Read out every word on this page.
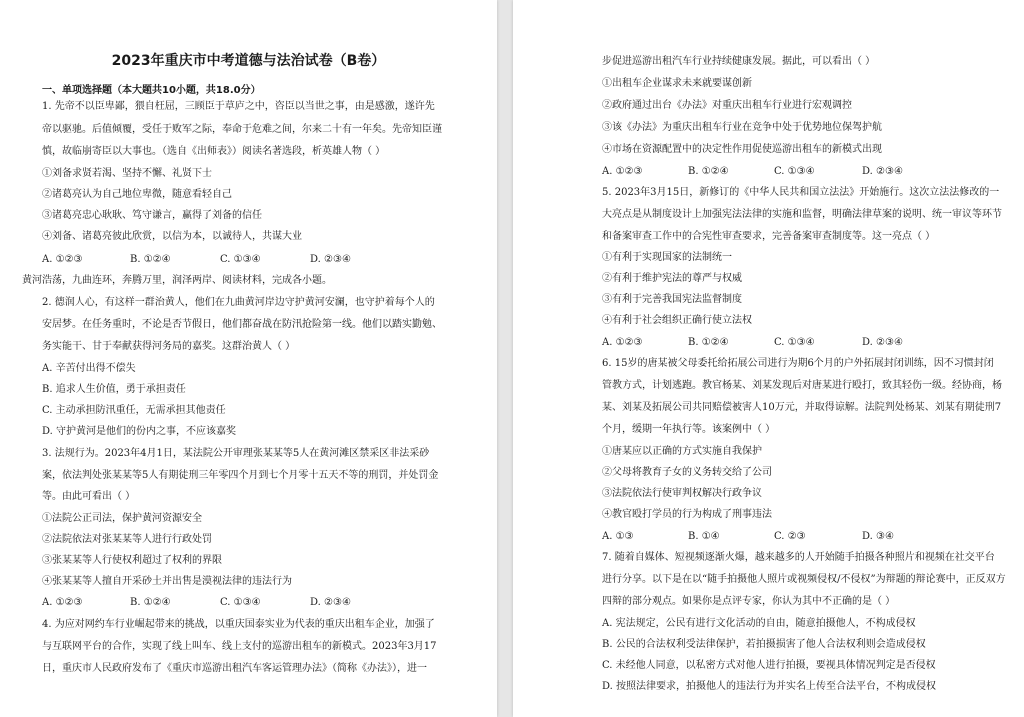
2023年重庆市中考道德与法治试卷（B卷）
一、单项选择题（本大题共10小题，共18.0分）
1. 先帝不以臣卑鄙，猥自枉屈，三顾臣于草庐之中，咨臣以当世之事，由是感激，遂许先
帝以驱驰。后值倾覆，受任于败军之际，奉命于危难之间，尔来二十有一年矣。先帝知臣谨
慎，故临崩寄臣以大事也。（选自《出师表》）阅读名著选段，析英雄人物（ ）
①刘备求贤若渴、坚持不懈、礼贤下士
②诸葛亮认为自己地位卑微，随意看轻自己
③诸葛亮忠心耿耿、笃守谦言，赢得了刘备的信任
④刘备、诸葛亮彼此欣赏，以信为本，以诚待人，共谋大业
A. ①②③	B. ①②④	C. ①③④	D. ②③④
黄河浩荡，九曲连环，奔腾万里，润泽两岸、阅读材料，完成各小题。
2. 德润人心，有这样一群治黄人，他们在九曲黄河岸边守护黄河安澜，也守护着每个人的
安居梦。在任务重时，不论是否节假日，他们都奋战在防汛抢险第一线。他们以踏实勤勉、
务实能干、甘于奉献获得河务局的嘉奖。这群治黄人（ ）
A. 辛苦付出得不偿失
B. 追求人生价值，勇于承担责任
C. 主动承担防汛重任，无需承担其他责任
D. 守护黄河是他们的份内之事，不应该嘉奖
3. 法规行为。2023年4月1日，某法院公开审理张某某等5人在黄河滩区禁采区非法采砂
案，依法判处张某某等5人有期徒刑三年零四个月到七个月零十五天不等的刑罚，并处罚金
等。由此可看出（ ）
①法院公正司法，保护黄河资源安全
②法院依法对张某某等人进行行政处罚
③张某某等人行使权利超过了权利的界限
④张某某等人擅自开采砂土并出售是漠视法律的违法行为
A. ①②③	B. ①②④	C. ①③④	D. ②③④
4. 为应对网约车行业崛起带来的挑战，以重庆国泰实业为代表的重庆出租车企业，加强了
与互联网平台的合作，实现了线上叫车、线上支付的巡游出租车的新模式。2023年3月17
日，重庆市人民政府发布了《重庆市巡游出租汽车客运管理办法》（简称《办法》），进一
步促进巡游出租汽车行业持续健康发展。据此，可以看出（ ）
①出租车企业谋求未来就要谋创新
②政府通过出台《办法》对重庆出租车行业进行宏观调控
③该《办法》为重庆出租车行业在竞争中处于优势地位保驾护航
④市场在资源配置中的决定性作用促使巡游出租车的新模式出现
A. ①②③	B. ①②④	C. ①③④	D. ②③④
5. 2023年3月15日，新修订的《中华人民共和国立法法》开始施行。这次立法法修改的一
大亮点是从制度设计上加强宪法法律的实施和监督，明确法律草案的说明、统一审议等环节
和备案审查工作中的合宪性审查要求，完善备案审查制度等。这一亮点（ ）
①有利于实现国家的法制统一
②有利于维护宪法的尊严与权威
③有利于完善我国宪法监督制度
④有利于社会组织正确行使立法权
A. ①②③	B. ①②④	C. ①③④	D. ②③④
6. 15岁的唐某被父母委托给拓展公司进行为期6个月的户外拓展封闭训练，因不习惯封闭
管教方式，计划逃跑。教官杨某、刘某发现后对唐某进行殴打，致其轻伤一级。经协商，杨
某、刘某及拓展公司共同赔偿被害人10万元，并取得谅解。法院判处杨某、刘某有期徒刑7
个月，缓期一年执行等。该案例中（ ）
①唐某应以正确的方式实施自我保护
②父母将教育子女的义务转交给了公司
③法院依法行使审判权解决行政争议
④教官殴打学员的行为构成了刑事违法
A. ①③	B. ①④	C. ②③	D. ③④
7. 随着自媒体、短视频逐渐火爆，越来越多的人开始随手拍摄各种照片和视频在社交平台
进行分享。以下是在以“随手拍摄他人照片或视频侵权/不侵权”为辩题的辩论赛中，正反双方
四辩的部分观点。如果你是点评专家，你认为其中不正确的是（ ）
A. 宪法规定，公民有进行文化活动的自由，随意拍摄他人，不构成侵权
B. 公民的合法权利受法律保护，若拍摄损害了他人合法权利则会造成侵权
C. 未经他人同意，以私密方式对他人进行拍摄，要视具体情况判定是否侵权
D. 按照法律要求，拍摄他人的违法行为并实名上传至合法平台，不构成侵权
